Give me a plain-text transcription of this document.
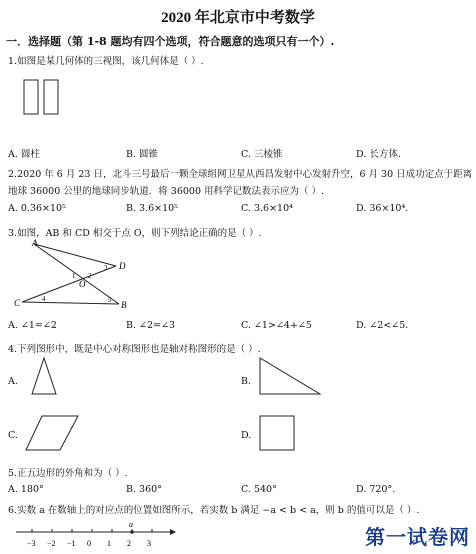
2020 年北京市中考数学
一．选择题（第 1-8 题均有四个选项，符合题意的选项只有一个）.
1.如图是某几何体的三视图，该几何体是（ ）.
A. 圆柱	B. 圆锥	C. 三棱锥	D. 长方体.
2.2020 年 6 月 23 日，北斗三号最后一颗全球组网卫星从西昌发射中心发射升空，6 月 30 日成功定点于距离
地球 36000 公里的地球同步轨道．将 36000 用科学记数法表示应为（ ）.
A. 0.36×10⁵	B. 3.6×10⁵	C. 3.6×10⁴	D. 36×10⁴.
3.如图，AB 和 CD 相交于点 O，则下列结论正确的是（ ）.
A
D
C	B
O
1 2
3
4	5
A. ∠1=∠2	B. ∠2=∠3	C. ∠1>∠4+∠5	D. ∠2<∠5.
4.下列图形中，既是中心对称图形也是轴对称图形的是（ ）.
A.	B.
C.	D.
5.正五边形的外角和为（ ）.
A. 180°	B. 360°	C. 540°	D. 720°.
6.实数 a 在数轴上的对应点的位置如图所示，若实数 b 满足 −a < b < a，则 b 的值可以是（ ）.
−3 −2 −1 0 1 2 3
a
第一试卷网
